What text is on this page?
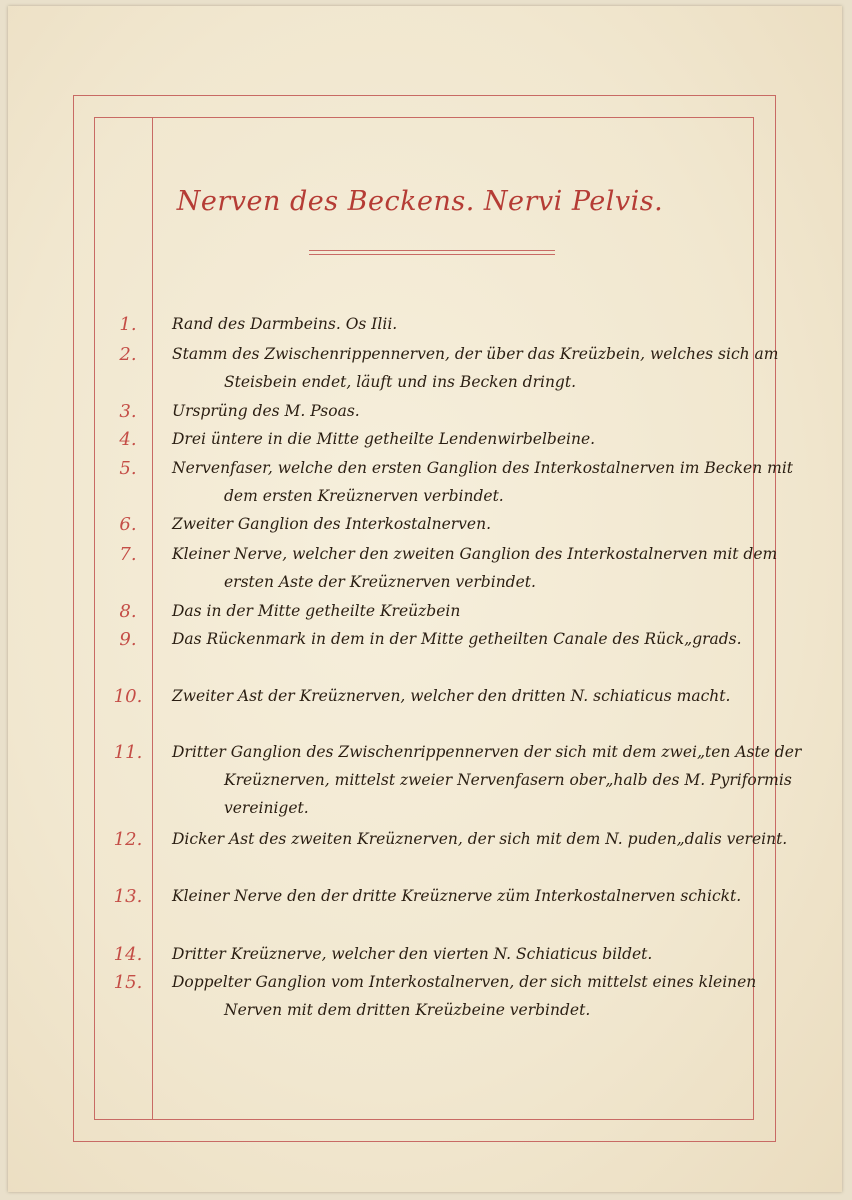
Nerven des Beckens. Nervi Pelvis.
1.	Rand des Darmbeins. Os Ilii.
2.	Stamm des Zwischenrippennerven, der über das Kreüzbein, welches sich am Steisbein endet, läuft und ins Becken dringt.
3.	Ursprüng des M. Psoas.
4.	Drei üntere in die Mitte getheilte Lendenwirbelbeine.
5.	Nervenfaser, welche den ersten Ganglion des Interkostalnerven im Becken mit dem ersten Kreüznerven verbindet.
6.	Zweiter Ganglion des Interkostalnerven.
7.	Kleiner Nerve, welcher den zweiten Ganglion des Interkostalnerven mit dem ersten Aste der Kreüznerven verbindet.
8.	Das in der Mitte getheilte Kreüzbein
9.	Das Rückenmark in dem in der Mitte getheilten Canale des Rück„grads.
10. Zweiter Ast der Kreüznerven, welcher den dritten N. schiaticus macht.
11. Dritter Ganglion des Zwischenrippennerven der sich mit dem zwei„ten Aste der Kreüznerven, mittelst zweier Nervenfasern ober„halb des M. Pyriformis vereiniget.
12. Dicker Ast des zweiten Kreüznerven, der sich mit dem N. puden„dalis vereint.
13. Kleiner Nerve den der dritte Kreüznerve züm Interkostalnerven schickt.
14. Dritter Kreüznerve, welcher den vierten N. Schiaticus bildet.
15. Doppelter Ganglion vom Interkostalnerven, der sich mittelst eines kleinen Nerven mit dem dritten Kreüzbeine verbindet.
